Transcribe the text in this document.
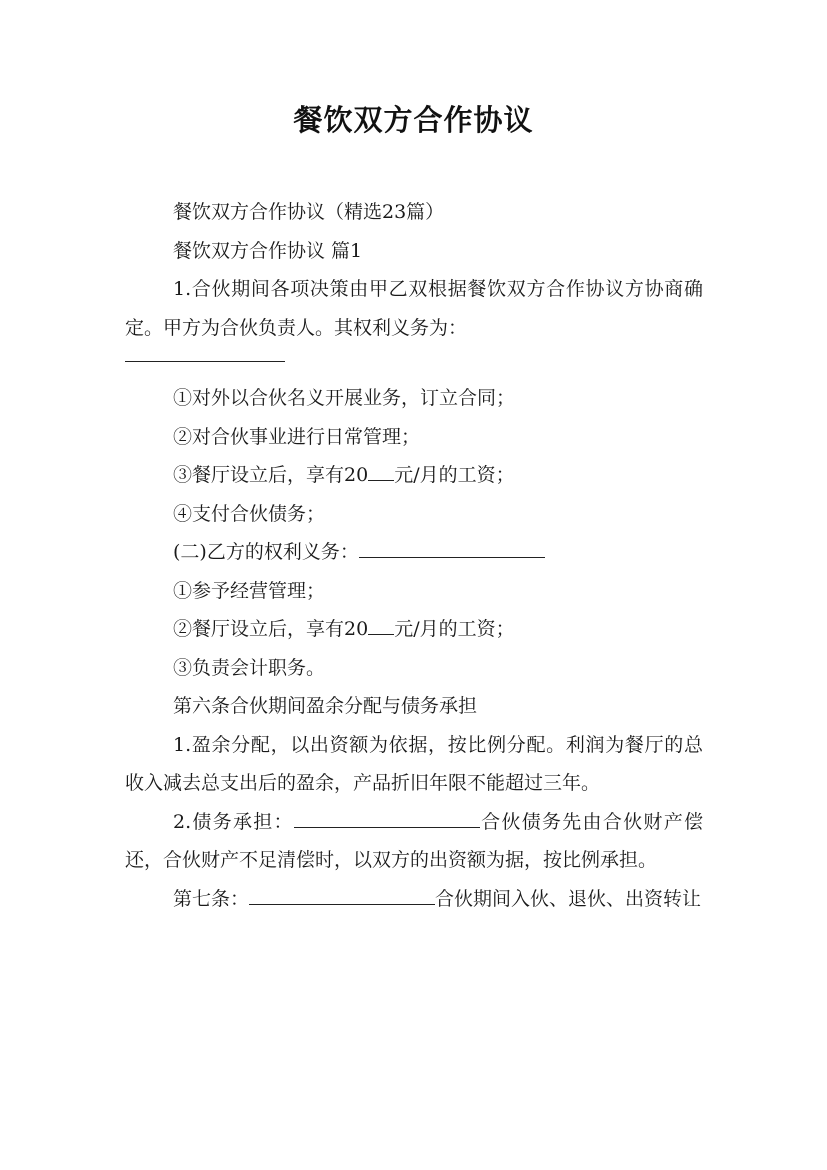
餐饮双方合作协议

餐饮双方合作协议（精选23篇）

餐饮双方合作协议 篇1

1.合伙期间各项决策由甲乙双根据餐饮双方合作协议方协商确定。甲方为合伙负责人。其权利义务为：

①对外以合伙名义开展业务，订立合同；

②对合伙事业进行日常管理；

③餐厅设立后，享有20 元/月的工资；

④支付合伙债务；

(二)乙方的权利义务：

①参予经营管理；

②餐厅设立后，享有20 元/月的工资；

③负责会计职务。

第六条合伙期间盈余分配与债务承担

1.盈余分配，以出资额为依据，按比例分配。利润为餐厅的总收入减去总支出后的盈余，产品折旧年限不能超过三年。

2.债务承担：	合伙债务先由合伙财产偿还，合伙财产不足清偿时，以双方的出资额为据，按比例承担。

第七条：	合伙期间入伙、退伙、出资转让
